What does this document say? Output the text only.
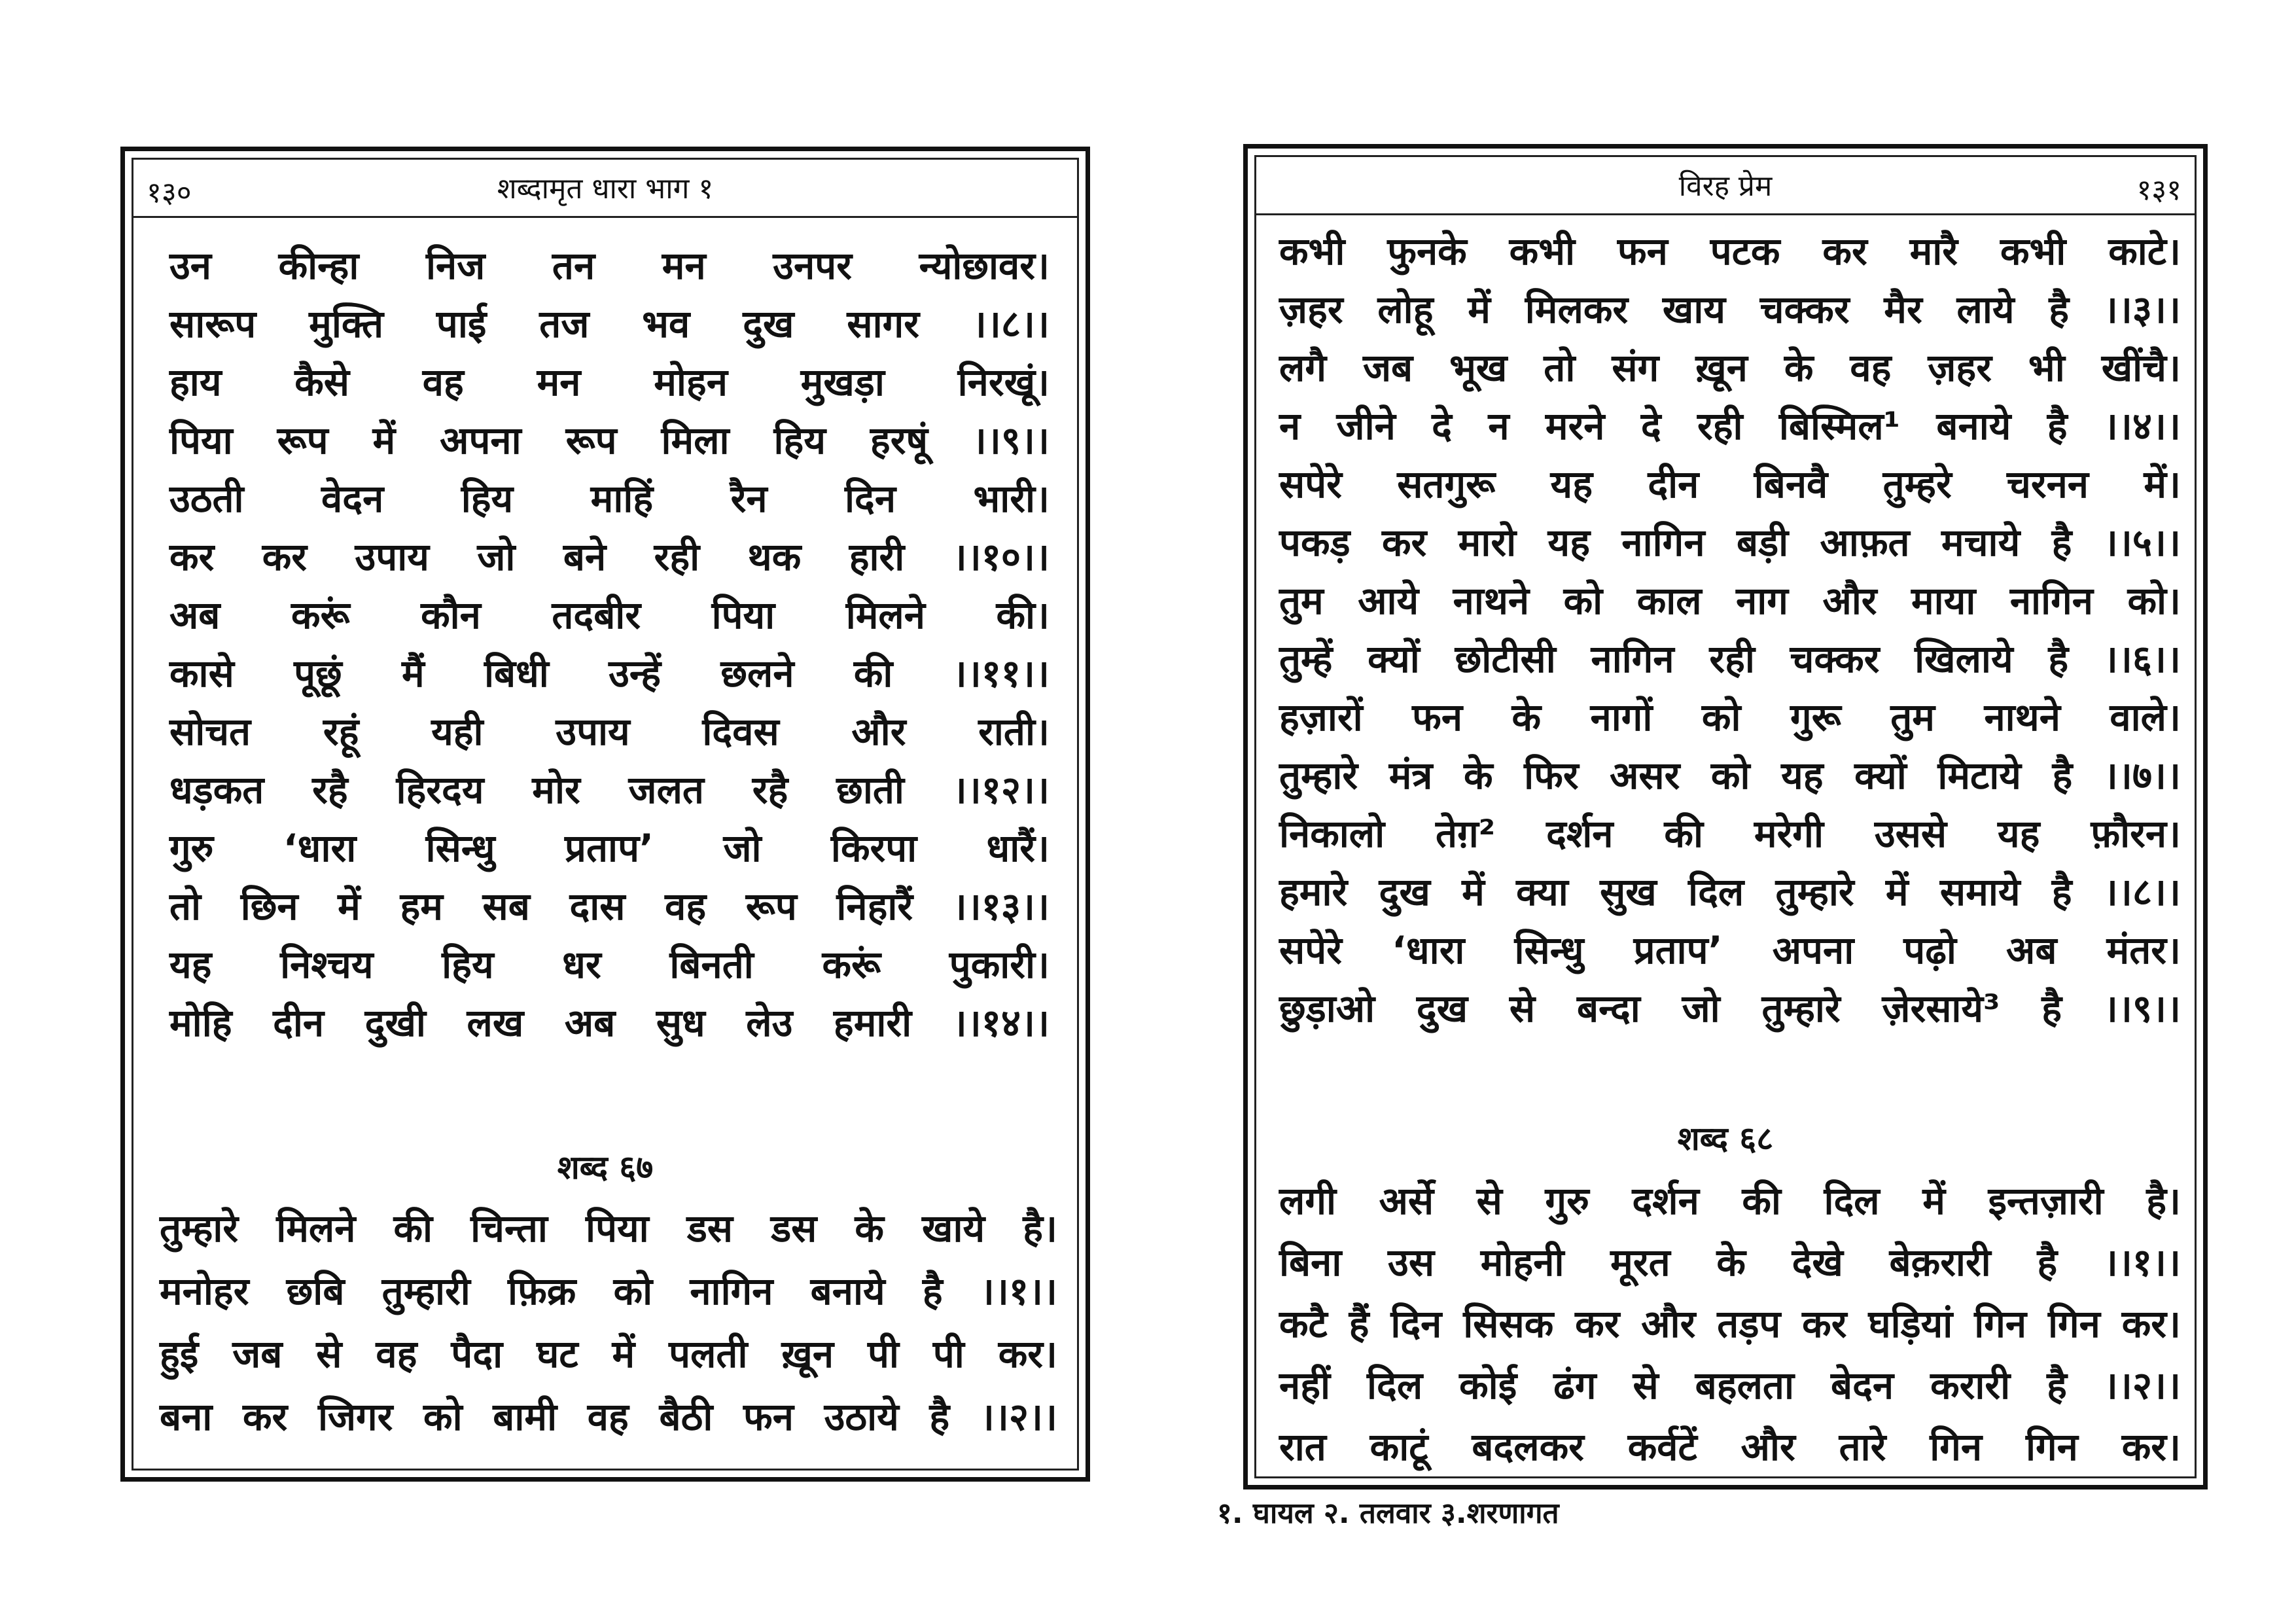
१३०	शब्दामृत धारा भाग १
उन कीन्हा निज तन मन उनपर न्योछावर।
सारूप मुक्ति पाई तज भव दुख सागर ।।८।।
हाय कैसे वह मन मोहन मुखड़ा निरखूं।
पिया रूप में अपना रूप मिला हिय हरषूं ।।९।।
उठती वेदन हिय माहिं रैन दिन भारी।
कर कर उपाय जो बने रही थक हारी ।।१०।।
अब करूं कौन तदबीर पिया मिलने की।
कासे पूछूं मैं बिधी उन्हें छलने की ।।११।।
सोचत रहूं यही उपाय दिवस और राती।
धड़कत रहै हिरदय मोर जलत रहै छाती ।।१२।।
गुरु ‘धारा सिन्धु प्रताप’ जो किरपा धारैं।
तो छिन में हम सब दास वह रूप निहारैं ।।१३।।
यह निश्चय हिय धर बिनती करूं पुकारी।
मोहि दीन दुखी लख अब सुध लेउ हमारी ।।१४।।
शब्द ६७
तुम्हारे मिलने की चिन्ता पिया डस डस के खाये है।
मनोहर छबि तुम्हारी फ़िक्र को नागिन बनाये है ।।१।।
हुई जब से वह पैदा घट में पलती ख़ून पी पी कर।
बना कर जिगर को बामी वह बैठी फन उठाये है ।।२।।
विरह प्रेम	१३१
कभी फुनके कभी फन पटक कर मारै कभी काटे।
ज़हर लोहू में मिलकर खाय चक्कर मैर लाये है ।।३।।
लगै जब भूख तो संग ख़ून के वह ज़हर भी खींचै।
न जीने दे न मरने दे रही बिस्मिल¹ बनाये है ।।४।।
सपेरे सतगुरू यह दीन बिनवै तुम्हरे चरनन में।
पकड़ कर मारो यह नागिन बड़ी आफ़त मचाये है ।।५।।
तुम आये नाथने को काल नाग और माया नागिन को।
तुम्हें क्यों छोटीसी नागिन रही चक्कर खिलाये है ।।६।।
हज़ारों फन के नागों को गुरू तुम नाथने वाले।
तुम्हारे मंत्र के फिर असर को यह क्यों मिटाये है ।।७।।
निकालो तेग़² दर्शन की मरेगी उससे यह फ़ौरन।
हमारे दुख में क्या सुख दिल तुम्हारे में समाये है ।।८।।
सपेरे ‘धारा सिन्धु प्रताप’ अपना पढ़ो अब मंतर।
छुड़ाओ दुख से बन्दा जो तुम्हारे ज़ेरसाये³ है ।।९।।
शब्द ६८
लगी अर्से से गुरु दर्शन की दिल में इन्तज़ारी है।
बिना उस मोहनी मूरत के देखे बेक़रारी है ।।१।।
कटै हैं दिन सिसक कर और तड़प कर घड़ियां गिन गिन कर।
नहीं दिल कोई ढंग से बहलता बेदन करारी है ।।२।।
रात काटूं बदलकर कर्वटें और तारे गिन गिन कर।
१. घायल २. तलवार ३.शरणागत
